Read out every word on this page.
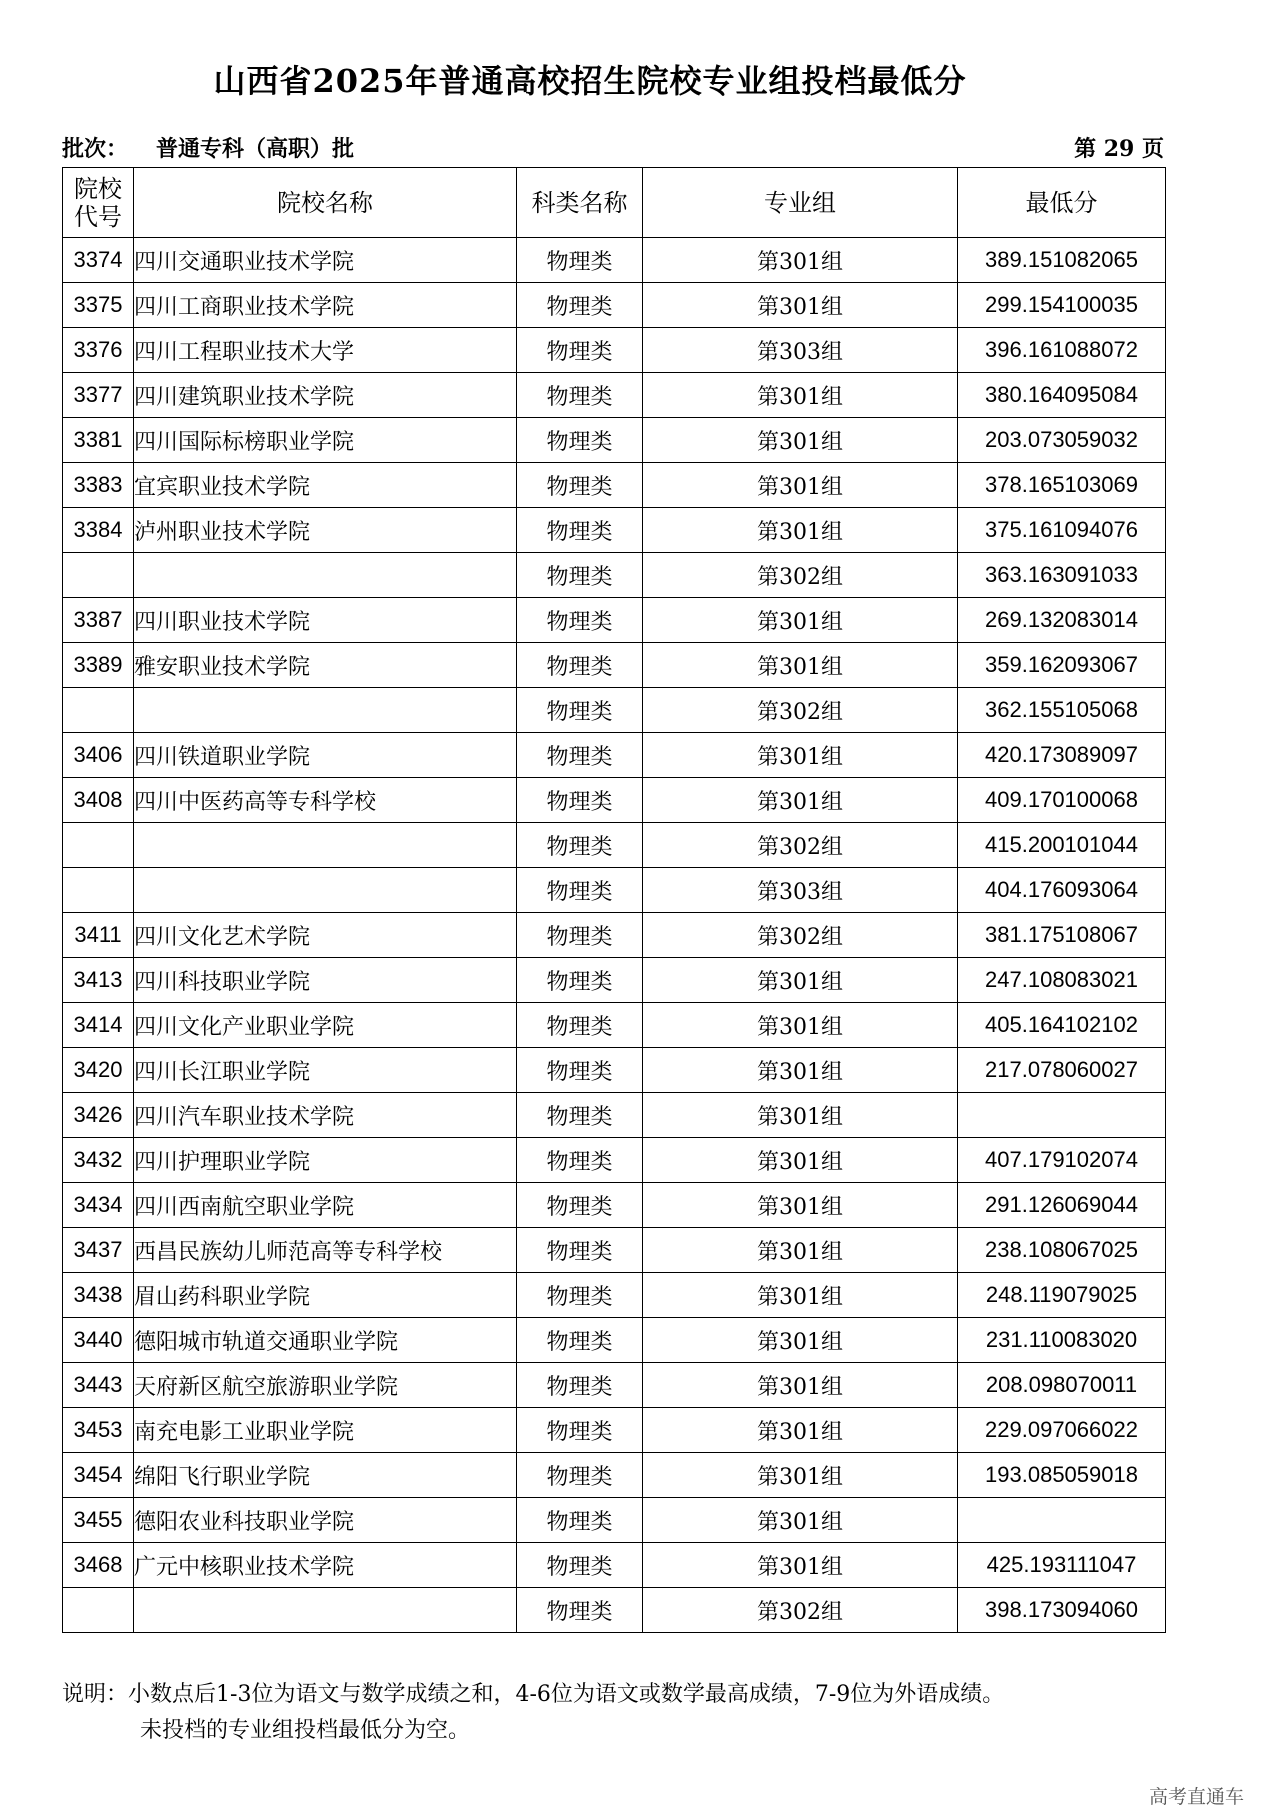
山西省2025年普通高校招生院校专业组投档最低分
批次： 普通专科（高职）批	第 29 页
院校
代号	院校名称	科类名称	专业组	最低分
3374	四川交通职业技术学院	物理类	第301组	389.151082065
3375	四川工商职业技术学院	物理类	第301组	299.154100035
3376	四川工程职业技术大学	物理类	第303组	396.161088072
3377	四川建筑职业技术学院	物理类	第301组	380.164095084
3381	四川国际标榜职业学院	物理类	第301组	203.073059032
3383	宜宾职业技术学院	物理类	第301组	378.165103069
3384	泸州职业技术学院	物理类	第301组	375.161094076
		物理类	第302组	363.163091033
3387	四川职业技术学院	物理类	第301组	269.132083014
3389	雅安职业技术学院	物理类	第301组	359.162093067
		物理类	第302组	362.155105068
3406	四川铁道职业学院	物理类	第301组	420.173089097
3408	四川中医药高等专科学校	物理类	第301组	409.170100068
		物理类	第302组	415.200101044
		物理类	第303组	404.176093064
3411	四川文化艺术学院	物理类	第302组	381.175108067
3413	四川科技职业学院	物理类	第301组	247.108083021
3414	四川文化产业职业学院	物理类	第301组	405.164102102
3420	四川长江职业学院	物理类	第301组	217.078060027
3426	四川汽车职业技术学院	物理类	第301组	
3432	四川护理职业学院	物理类	第301组	407.179102074
3434	四川西南航空职业学院	物理类	第301组	291.126069044
3437	西昌民族幼儿师范高等专科学校	物理类	第301组	238.108067025
3438	眉山药科职业学院	物理类	第301组	248.119079025
3440	德阳城市轨道交通职业学院	物理类	第301组	231.110083020
3443	天府新区航空旅游职业学院	物理类	第301组	208.098070011
3453	南充电影工业职业学院	物理类	第301组	229.097066022
3454	绵阳飞行职业学院	物理类	第301组	193.085059018
3455	德阳农业科技职业学院	物理类	第301组	
3468	广元中核职业技术学院	物理类	第301组	425.193111047
		物理类	第302组	398.173094060
说明：小数点后1-3位为语文与数学成绩之和，4-6位为语文或数学最高成绩，7-9位为外语成绩。
未投档的专业组投档最低分为空。
高考直通车
